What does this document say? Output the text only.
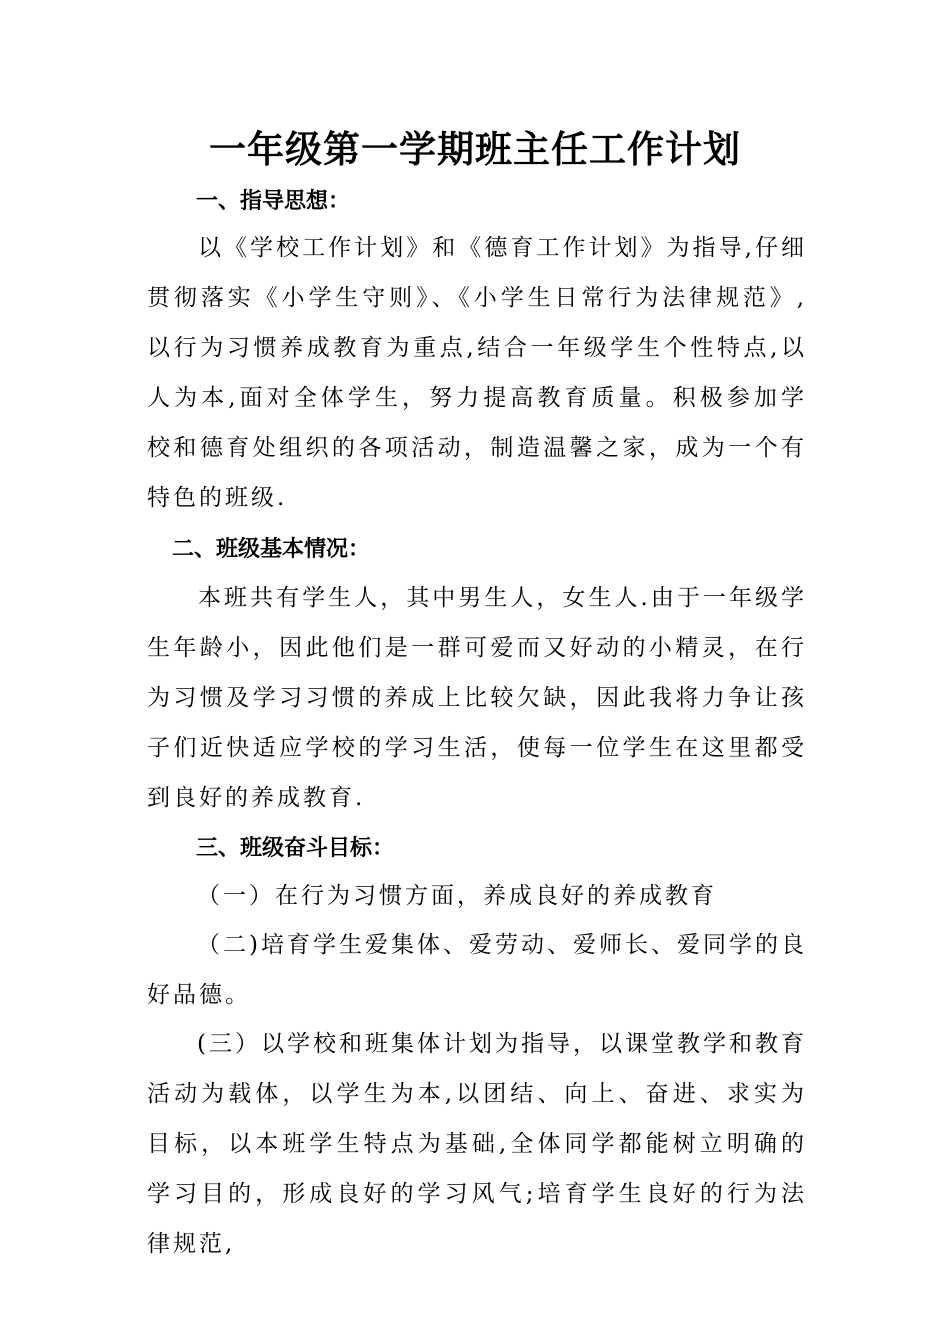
一年级第一学期班主任工作计划
一、指导思想：

以《学校工作计划》和《德育工作计划》为指导,仔细贯彻落实《小学生守则》、《小学生日常行为法律规范》,以行为习惯养成教育为重点,结合一年级学生个性特点,以人为本,面对全体学生，努力提高教育质量。积极参加学校和德育处组织的各项活动，制造温馨之家，成为一个有特色的班级.

二、班级基本情况：

本班共有学生人，其中男生人，女生人.由于一年级学生年龄小，因此他们是一群可爱而又好动的小精灵，在行为习惯及学习习惯的养成上比较欠缺，因此我将力争让孩子们近快适应学校的学习生活，使每一位学生在这里都受到良好的养成教育.

三、班级奋斗目标：

（一）在行为习惯方面，养成良好的养成教育

（二)培育学生爱集体、爱劳动、爱师长、爱同学的良好品德。

(三）以学校和班集体计划为指导，以课堂教学和教育活动为载体，以学生为本,以团结、向上、奋进、求实为目标，以本班学生特点为基础,全体同学都能树立明确的学习目的，形成良好的学习风气;培育学生良好的行为法律规范,
